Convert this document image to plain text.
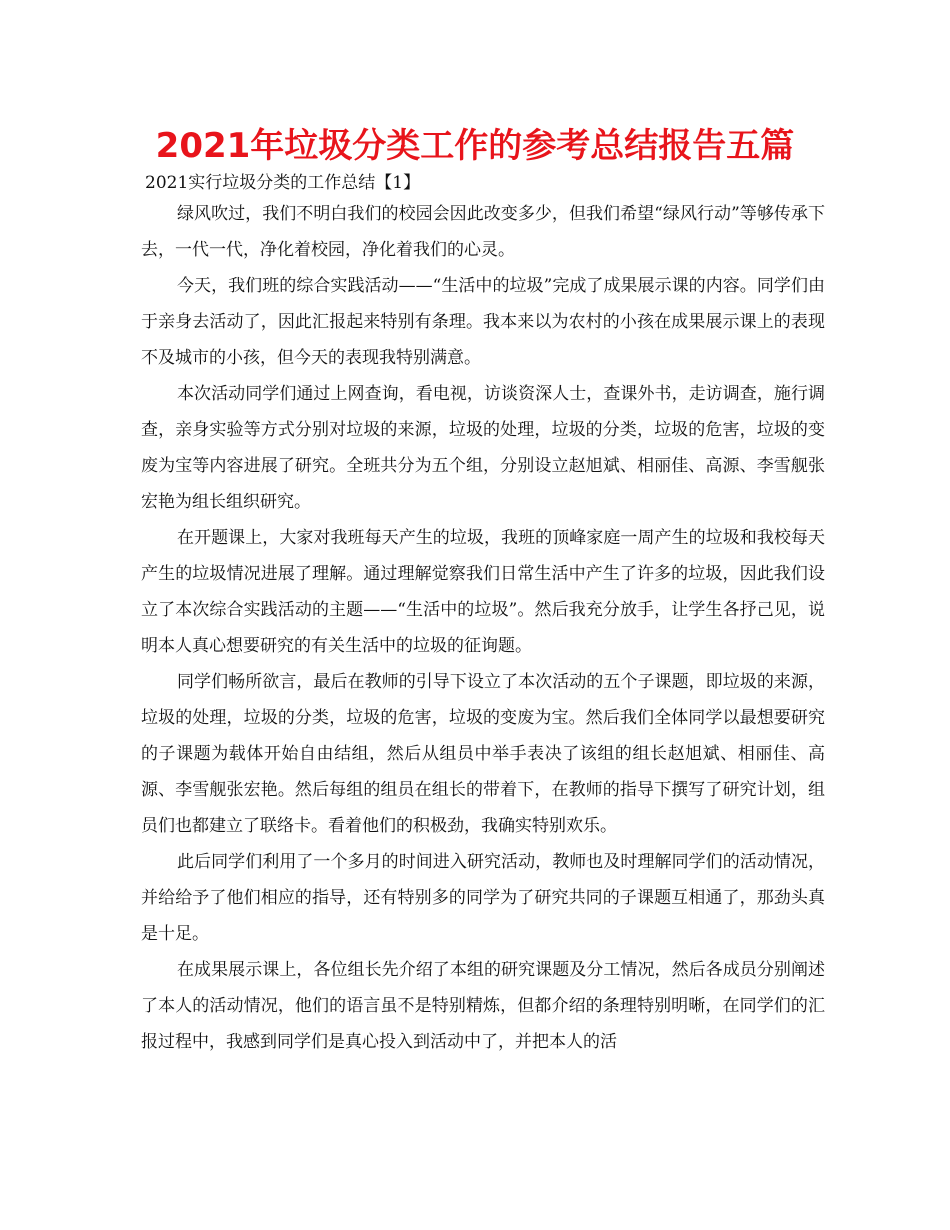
2021年垃圾分类工作的参考总结报告五篇
2021实行垃圾分类的工作总结【1】

绿风吹过，我们不明白我们的校园会因此改变多少，但我们希望“绿风行动”等够传承下去，一代一代，净化着校园，净化着我们的心灵。

今天，我们班的综合实践活动——“生活中的垃圾”完成了成果展示课的内容。同学们由于亲身去活动了，因此汇报起来特别有条理。我本来以为农村的小孩在成果展示课上的表现不及城市的小孩，但今天的表现我特别满意。

本次活动同学们通过上网查询，看电视，访谈资深人士，查课外书，走访调查，施行调查，亲身实验等方式分别对垃圾的来源，垃圾的处理，垃圾的分类，垃圾的危害，垃圾的变废为宝等内容进展了研究。全班共分为五个组，分别设立赵旭斌、相丽佳、高源、李雪舰张宏艳为组长组织研究。

在开题课上，大家对我班每天产生的垃圾，我班的顶峰家庭一周产生的垃圾和我校每天产生的垃圾情况进展了理解。通过理解觉察我们日常生活中产生了许多的垃圾，因此我们设立了本次综合实践活动的主题——“生活中的垃圾”。然后我充分放手，让学生各抒己见，说明本人真心想要研究的有关生活中的垃圾的征询题。

同学们畅所欲言，最后在教师的引导下设立了本次活动的五个子课题，即垃圾的来源，垃圾的处理，垃圾的分类，垃圾的危害，垃圾的变废为宝。然后我们全体同学以最想要研究的子课题为载体开始自由结组，然后从组员中举手表决了该组的组长赵旭斌、相丽佳、高源、李雪舰张宏艳。然后每组的组员在组长的带着下，在教师的指导下撰写了研究计划，组员们也都建立了联络卡。看着他们的积极劲，我确实特别欢乐。

此后同学们利用了一个多月的时间进入研究活动，教师也及时理解同学们的活动情况，并给给予了他们相应的指导，还有特别多的同学为了研究共同的子课题互相通了，那劲头真是十足。

在成果展示课上，各位组长先介绍了本组的研究课题及分工情况，然后各成员分别阐述了本人的活动情况，他们的语言虽不是特别精炼，但都介绍的条理特别明晰，在同学们的汇报过程中，我感到同学们是真心投入到活动中了，并把本人的活
